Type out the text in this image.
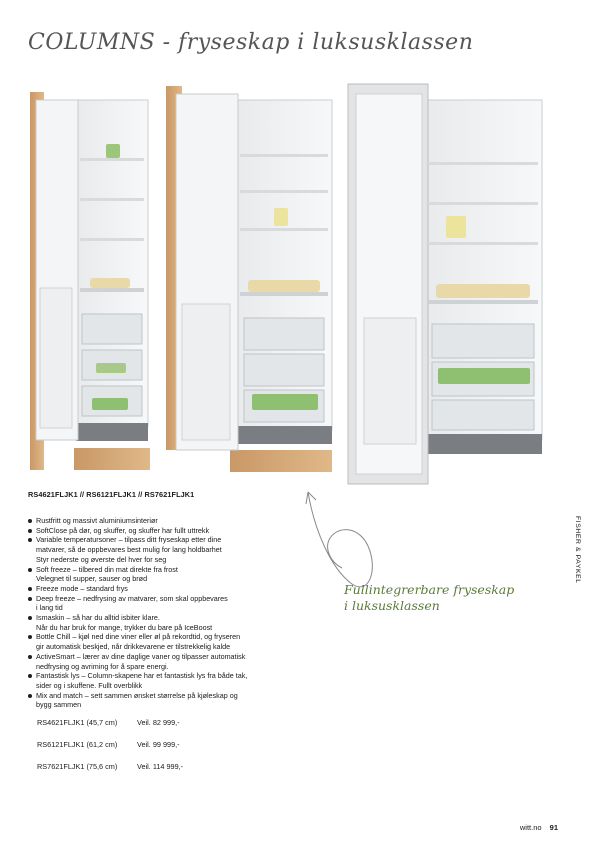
COLUMNS - fryseskap i luksusklassen
RS4621FLJK1 // RS6121FLJK1 // RS7621FLJK1
Rustfritt og massivt aluminiumsinteriør
SoftClose på dør, og skuffer, og skuffer har fullt uttrekk
Variable temperatursoner – tilpass ditt fryseskap etter dine
matvarer, så de oppbevares best mulig for lang holdbarhet
Styr nederste og øverste del hver for seg
Soft freeze – tilbered din mat direkte fra frost
Velegnet til supper, sauser og brød
Freeze mode – standard frys
Deep freeze – nedfrysing av matvarer, som skal oppbevares
i lang tid
Ismaskin – så har du alltid isbiter klare.
Når du har bruk for mange, trykker du bare på IceBoost
Bottle Chill – kjøl ned dine viner eller øl på rekordtid, og fryseren
gir automatisk beskjed, når drikkevarene er tilstrekkelig kalde
ActiveSmart – lærer av dine daglige vaner og tilpasser automatisk
nedfrysing og avriming for å spare energi.
Fantastisk lys – Column-skapene har et fantastisk lys fra både tak,
sider og i skuffene. Fullt overblikk
Mix and match – sett sammen ønsket størrelse på kjøleskap og
bygg sammen
RS4621FLJK1 (45,7 cm)	Veil. 82 999,-
RS6121FLJK1 (61,2 cm)	Veil. 99 999,-
RS7621FLJK1 (75,6 cm)	Veil. 114 999,-

Fullintegrerbare fryseskap
i luksusklassen

FISHER & PAYKEL
witt.no 91
